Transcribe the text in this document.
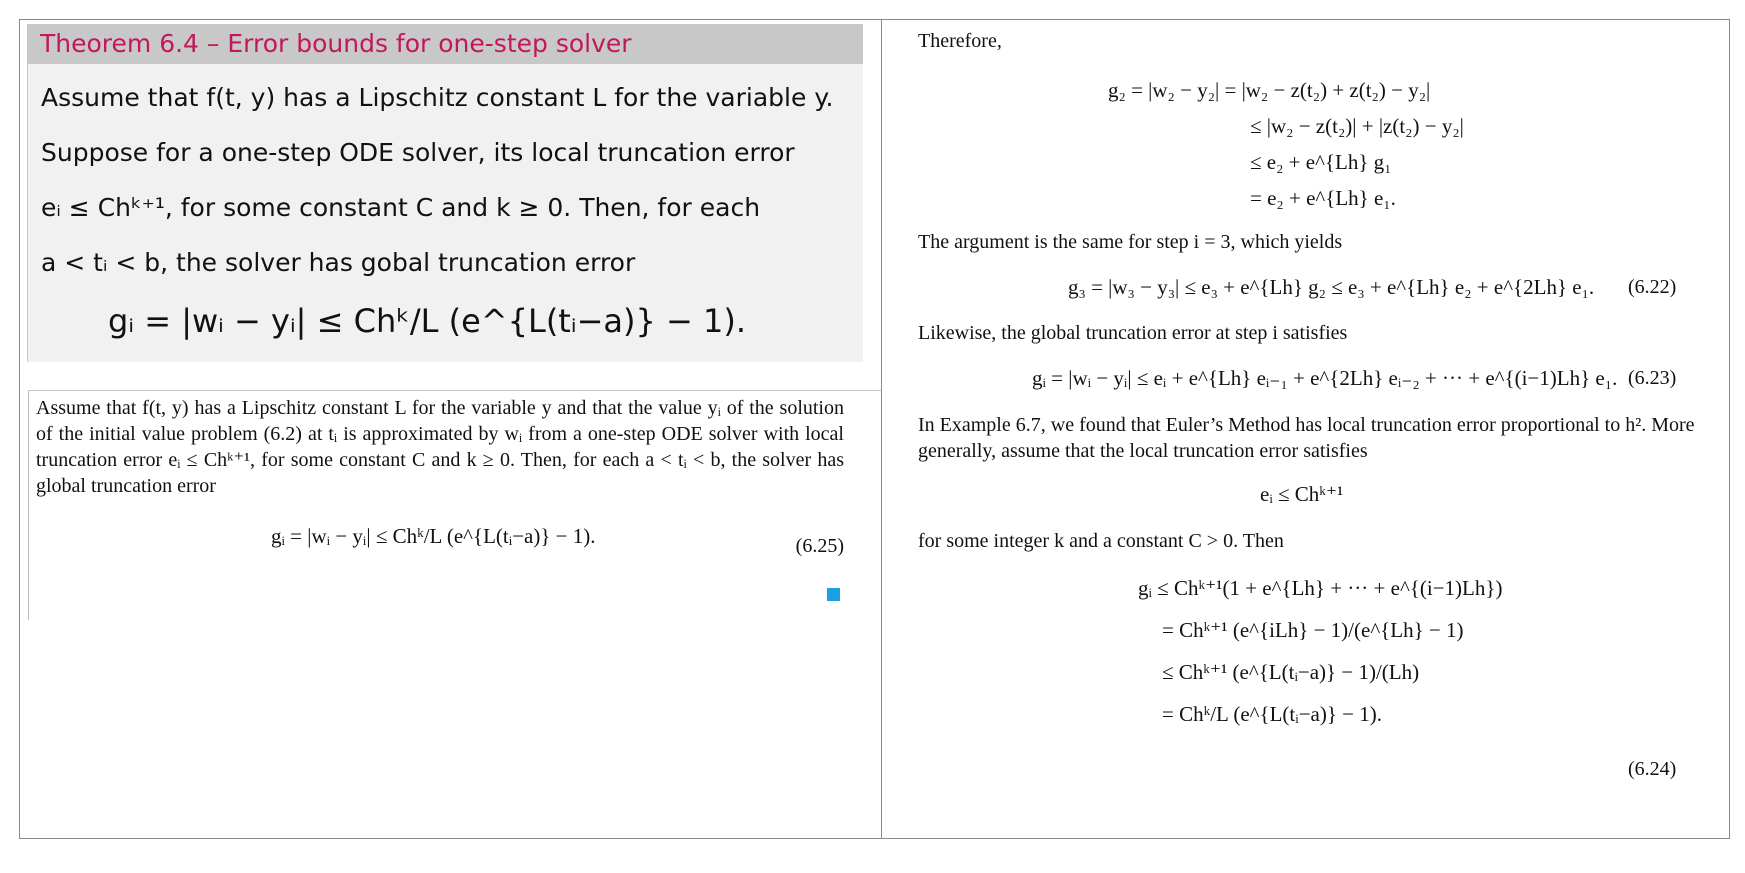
Theorem 6.4 – Error bounds for one-step solver
Assume that f(t, y) has a Lipschitz constant L for the variable y.
Suppose for a one-step ODE solver, its local truncation error
eᵢ ≤ Chᵏ⁺¹, for some constant C and k ≥ 0. Then, for each
a < tᵢ < b, the solver has gobal truncation error
gᵢ = |wᵢ − yᵢ| ≤ Chᵏ/L (e^{L(tᵢ−a)} − 1).

Assume that f(t, y) has a Lipschitz constant L for the variable y and that the value yᵢ of the solution of the initial value problem (6.2) at tᵢ is approximated by wᵢ from a one-step ODE solver with local truncation error eᵢ ≤ Chᵏ⁺¹, for some constant C and k ≥ 0. Then, for each a < tᵢ < b, the solver has global truncation error

gᵢ = |wᵢ − yᵢ| ≤ Chᵏ/L (e^{L(tᵢ−a)} − 1).	(6.25)
Therefore,
g₂ = |w₂ − y₂| = |w₂ − z(t₂) + z(t₂) − y₂|
≤ |w₂ − z(t₂)| + |z(t₂) − y₂|
≤ e₂ + e^{Lh} g₁
= e₂ + e^{Lh} e₁.
The argument is the same for step i = 3, which yields
g₃ = |w₃ − y₃| ≤ e₃ + e^{Lh} g₂ ≤ e₃ + e^{Lh} e₂ + e^{2Lh} e₁. (6.22)
Likewise, the global truncation error at step i satisfies
gᵢ = |wᵢ − yᵢ| ≤ eᵢ + e^{Lh} eᵢ₋₁ + e^{2Lh} eᵢ₋₂ + ··· + e^{(i−1)Lh} e₁. (6.23)
In Example 6.7, we found that Euler’s Method has local truncation error proportional to h². More generally, assume that the local truncation error satisfies
eᵢ ≤ Chᵏ⁺¹
for some integer k and a constant C > 0. Then
gᵢ ≤ Chᵏ⁺¹(1 + e^{Lh} + ··· + e^{(i−1)Lh})
= Chᵏ⁺¹ (e^{iLh} − 1)/(e^{Lh} − 1)
≤ Chᵏ⁺¹ (e^{L(tᵢ−a)} − 1)/(Lh)
= Chᵏ/L (e^{L(tᵢ−a)} − 1).
(6.24)
